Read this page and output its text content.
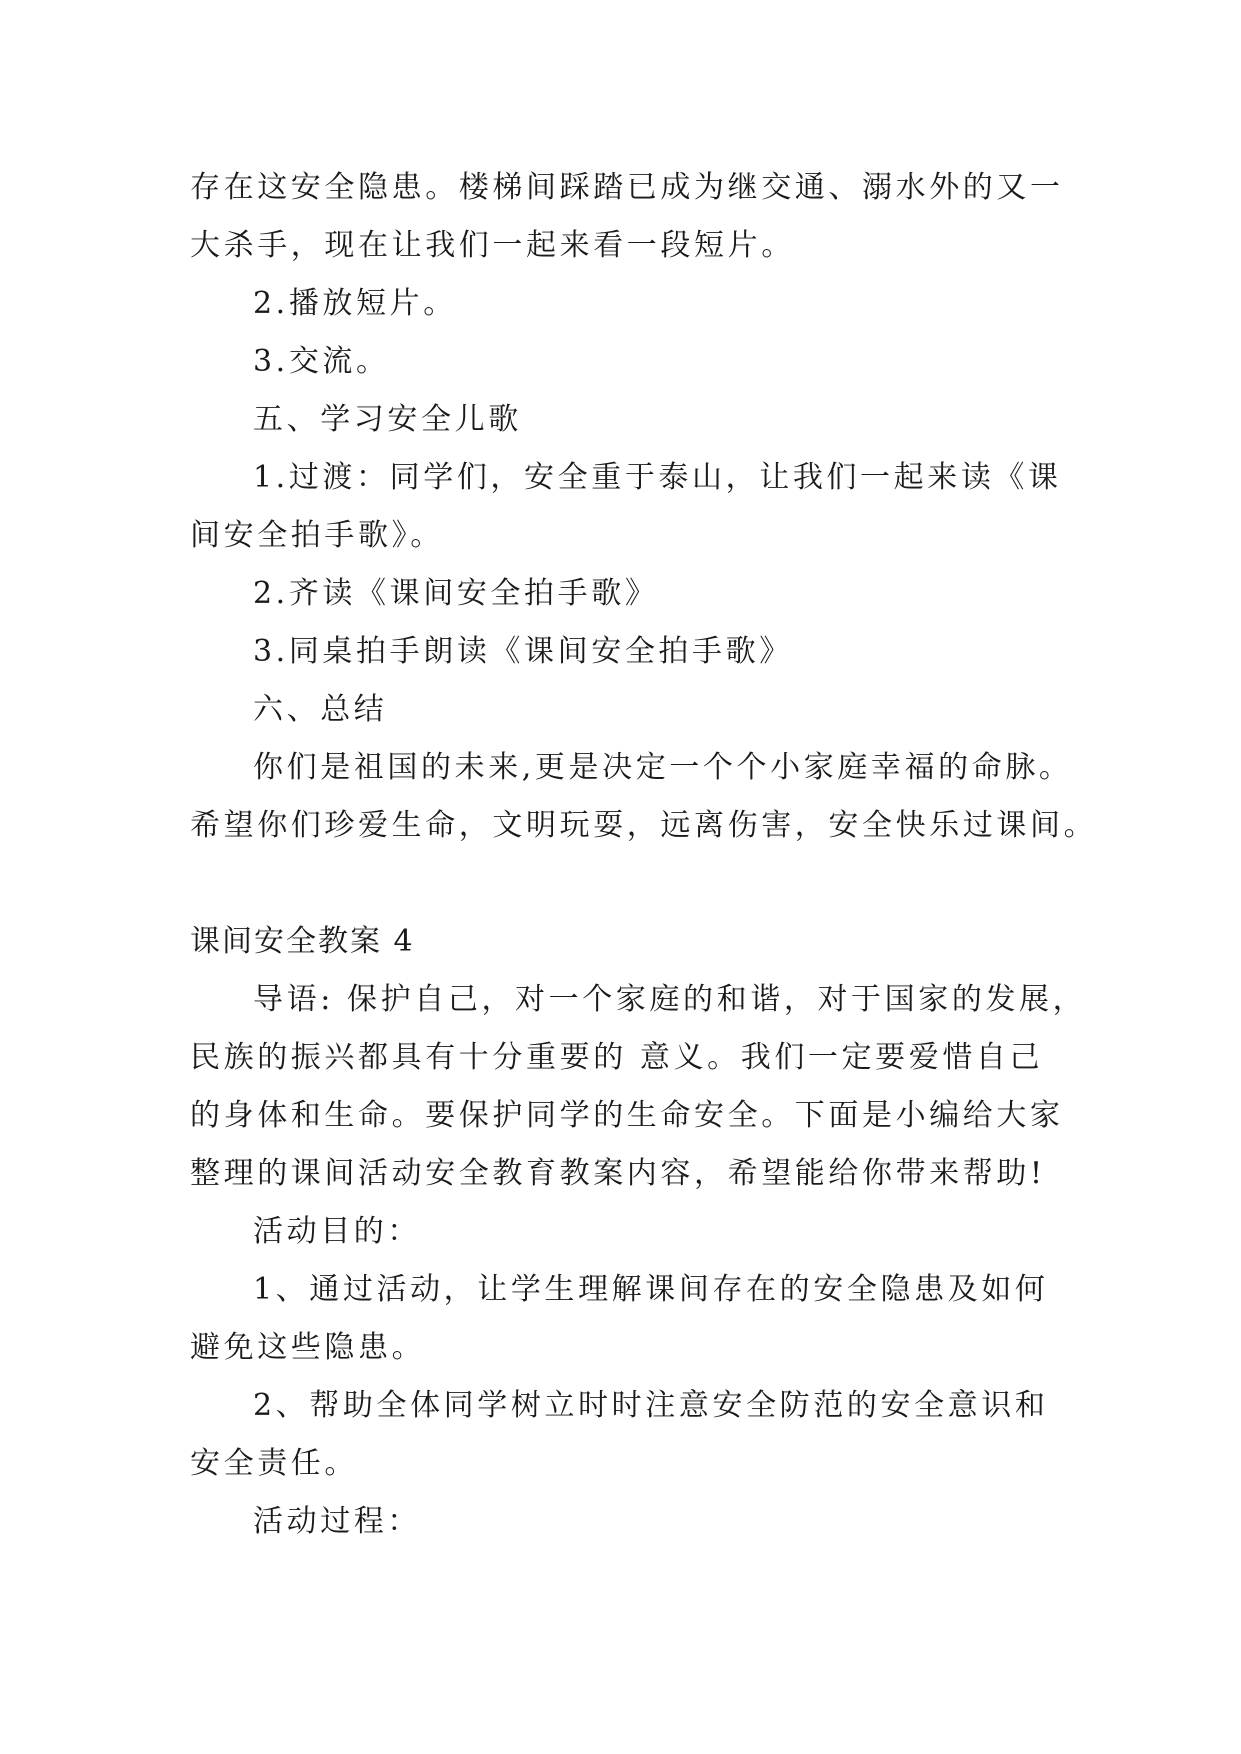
存在这安全隐患。楼梯间踩踏已成为继交通、溺水外的又一
大杀手，现在让我们一起来看一段短片。
2.播放短片。
3.交流。
五、学习安全儿歌
1.过渡：同学们，安全重于泰山，让我们一起来读《课
间安全拍手歌》。
2.齐读《课间安全拍手歌》
3.同桌拍手朗读《课间安全拍手歌》
六、总结
你们是祖国的未来,更是决定一个个小家庭幸福的命脉。
希望你们珍爱生命，文明玩耍，远离伤害，安全快乐过课间。
课间安全教案 4
导语: 保护自己，对一个家庭的和谐，对于国家的发展，
民族的振兴都具有十分重要的 意义。我们一定要爱惜自己
的身体和生命。要保护同学的生命安全。下面是小编给大家
整理的课间活动安全教育教案内容，希望能给你带来帮助!
活动目的：
1、通过活动，让学生理解课间存在的安全隐患及如何
避免这些隐患。
2、帮助全体同学树立时时注意安全防范的安全意识和
安全责任。
活动过程：
